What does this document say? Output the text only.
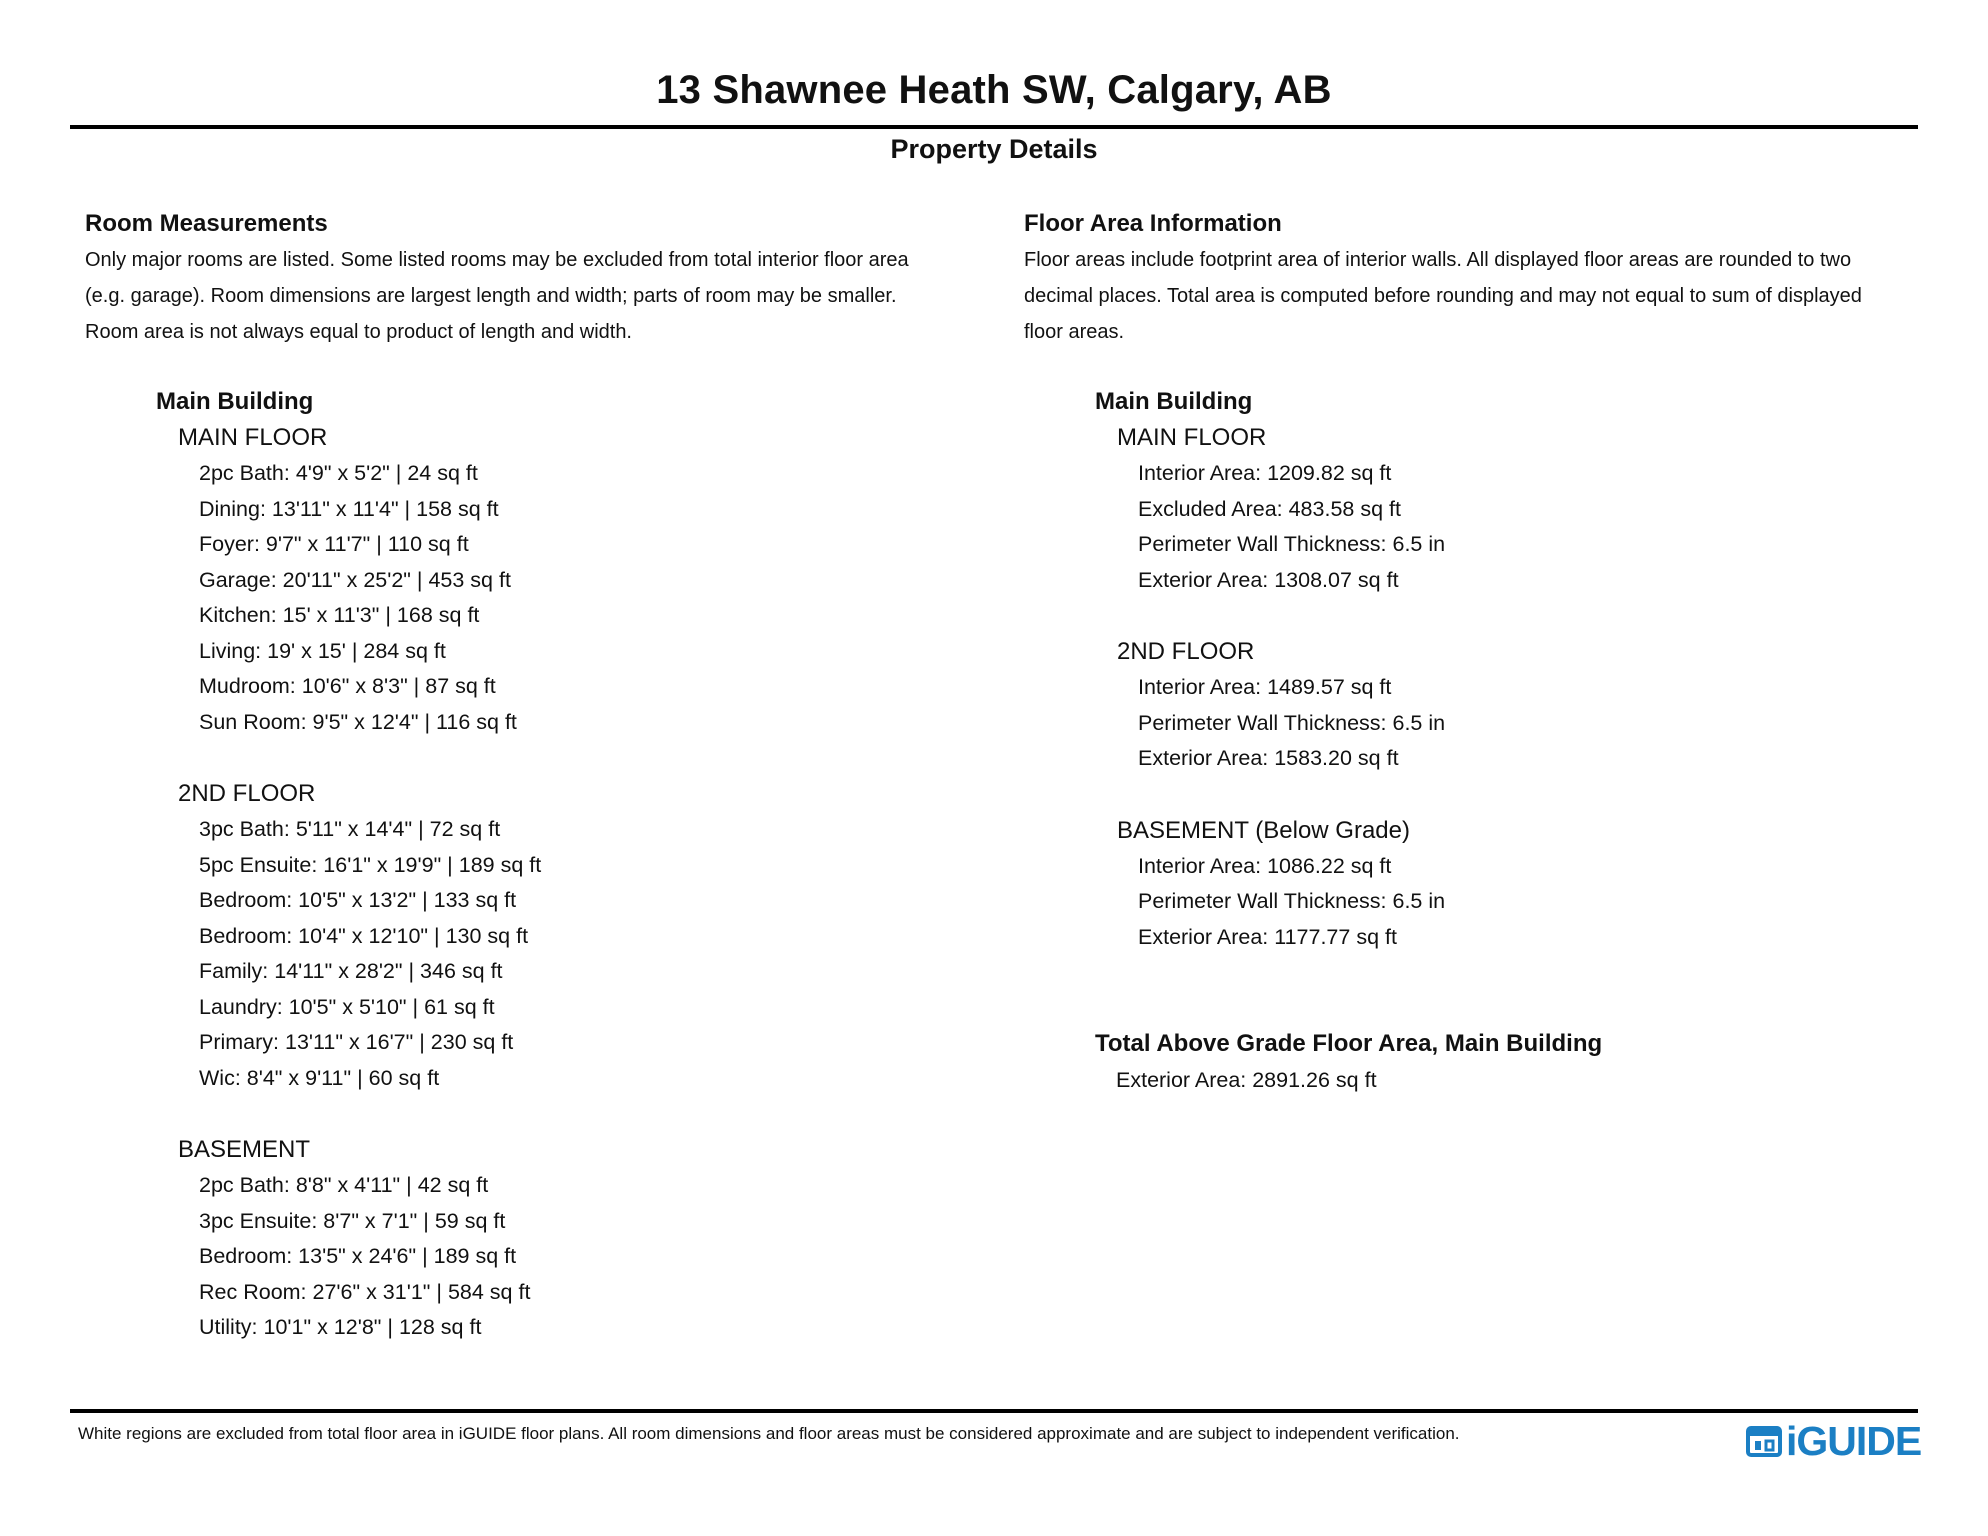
13 Shawnee Heath SW, Calgary, AB
Property Details
Room Measurements
Only major rooms are listed. Some listed rooms may be excluded from total interior floor area
(e.g. garage). Room dimensions are largest length and width; parts of room may be smaller.
Room area is not always equal to product of length and width.
Main Building
MAIN FLOOR
2pc Bath: 4'9" x 5'2" | 24 sq ft
Dining: 13'11" x 11'4" | 158 sq ft
Foyer: 9'7" x 11'7" | 110 sq ft
Garage: 20'11" x 25'2" | 453 sq ft
Kitchen: 15' x 11'3" | 168 sq ft
Living: 19' x 15' | 284 sq ft
Mudroom: 10'6" x 8'3" | 87 sq ft
Sun Room: 9'5" x 12'4" | 116 sq ft
2ND FLOOR
3pc Bath: 5'11" x 14'4" | 72 sq ft
5pc Ensuite: 16'1" x 19'9" | 189 sq ft
Bedroom: 10'5" x 13'2" | 133 sq ft
Bedroom: 10'4" x 12'10" | 130 sq ft
Family: 14'11" x 28'2" | 346 sq ft
Laundry: 10'5" x 5'10" | 61 sq ft
Primary: 13'11" x 16'7" | 230 sq ft
Wic: 8'4" x 9'11" | 60 sq ft
BASEMENT
2pc Bath: 8'8" x 4'11" | 42 sq ft
3pc Ensuite: 8'7" x 7'1" | 59 sq ft
Bedroom: 13'5" x 24'6" | 189 sq ft
Rec Room: 27'6" x 31'1" | 584 sq ft
Utility: 10'1" x 12'8" | 128 sq ft
Floor Area Information
Floor areas include footprint area of interior walls. All displayed floor areas are rounded to two
decimal places. Total area is computed before rounding and may not equal to sum of displayed
floor areas.
Main Building
MAIN FLOOR
Interior Area: 1209.82 sq ft
Excluded Area: 483.58 sq ft
Perimeter Wall Thickness: 6.5 in
Exterior Area: 1308.07 sq ft
2ND FLOOR
Interior Area: 1489.57 sq ft
Perimeter Wall Thickness: 6.5 in
Exterior Area: 1583.20 sq ft
BASEMENT (Below Grade)
Interior Area: 1086.22 sq ft
Perimeter Wall Thickness: 6.5 in
Exterior Area: 1177.77 sq ft
Total Above Grade Floor Area, Main Building
Exterior Area: 2891.26 sq ft
White regions are excluded from total floor area in iGUIDE floor plans. All room dimensions and floor areas must be considered approximate and are subject to independent verification.	iGUIDE
